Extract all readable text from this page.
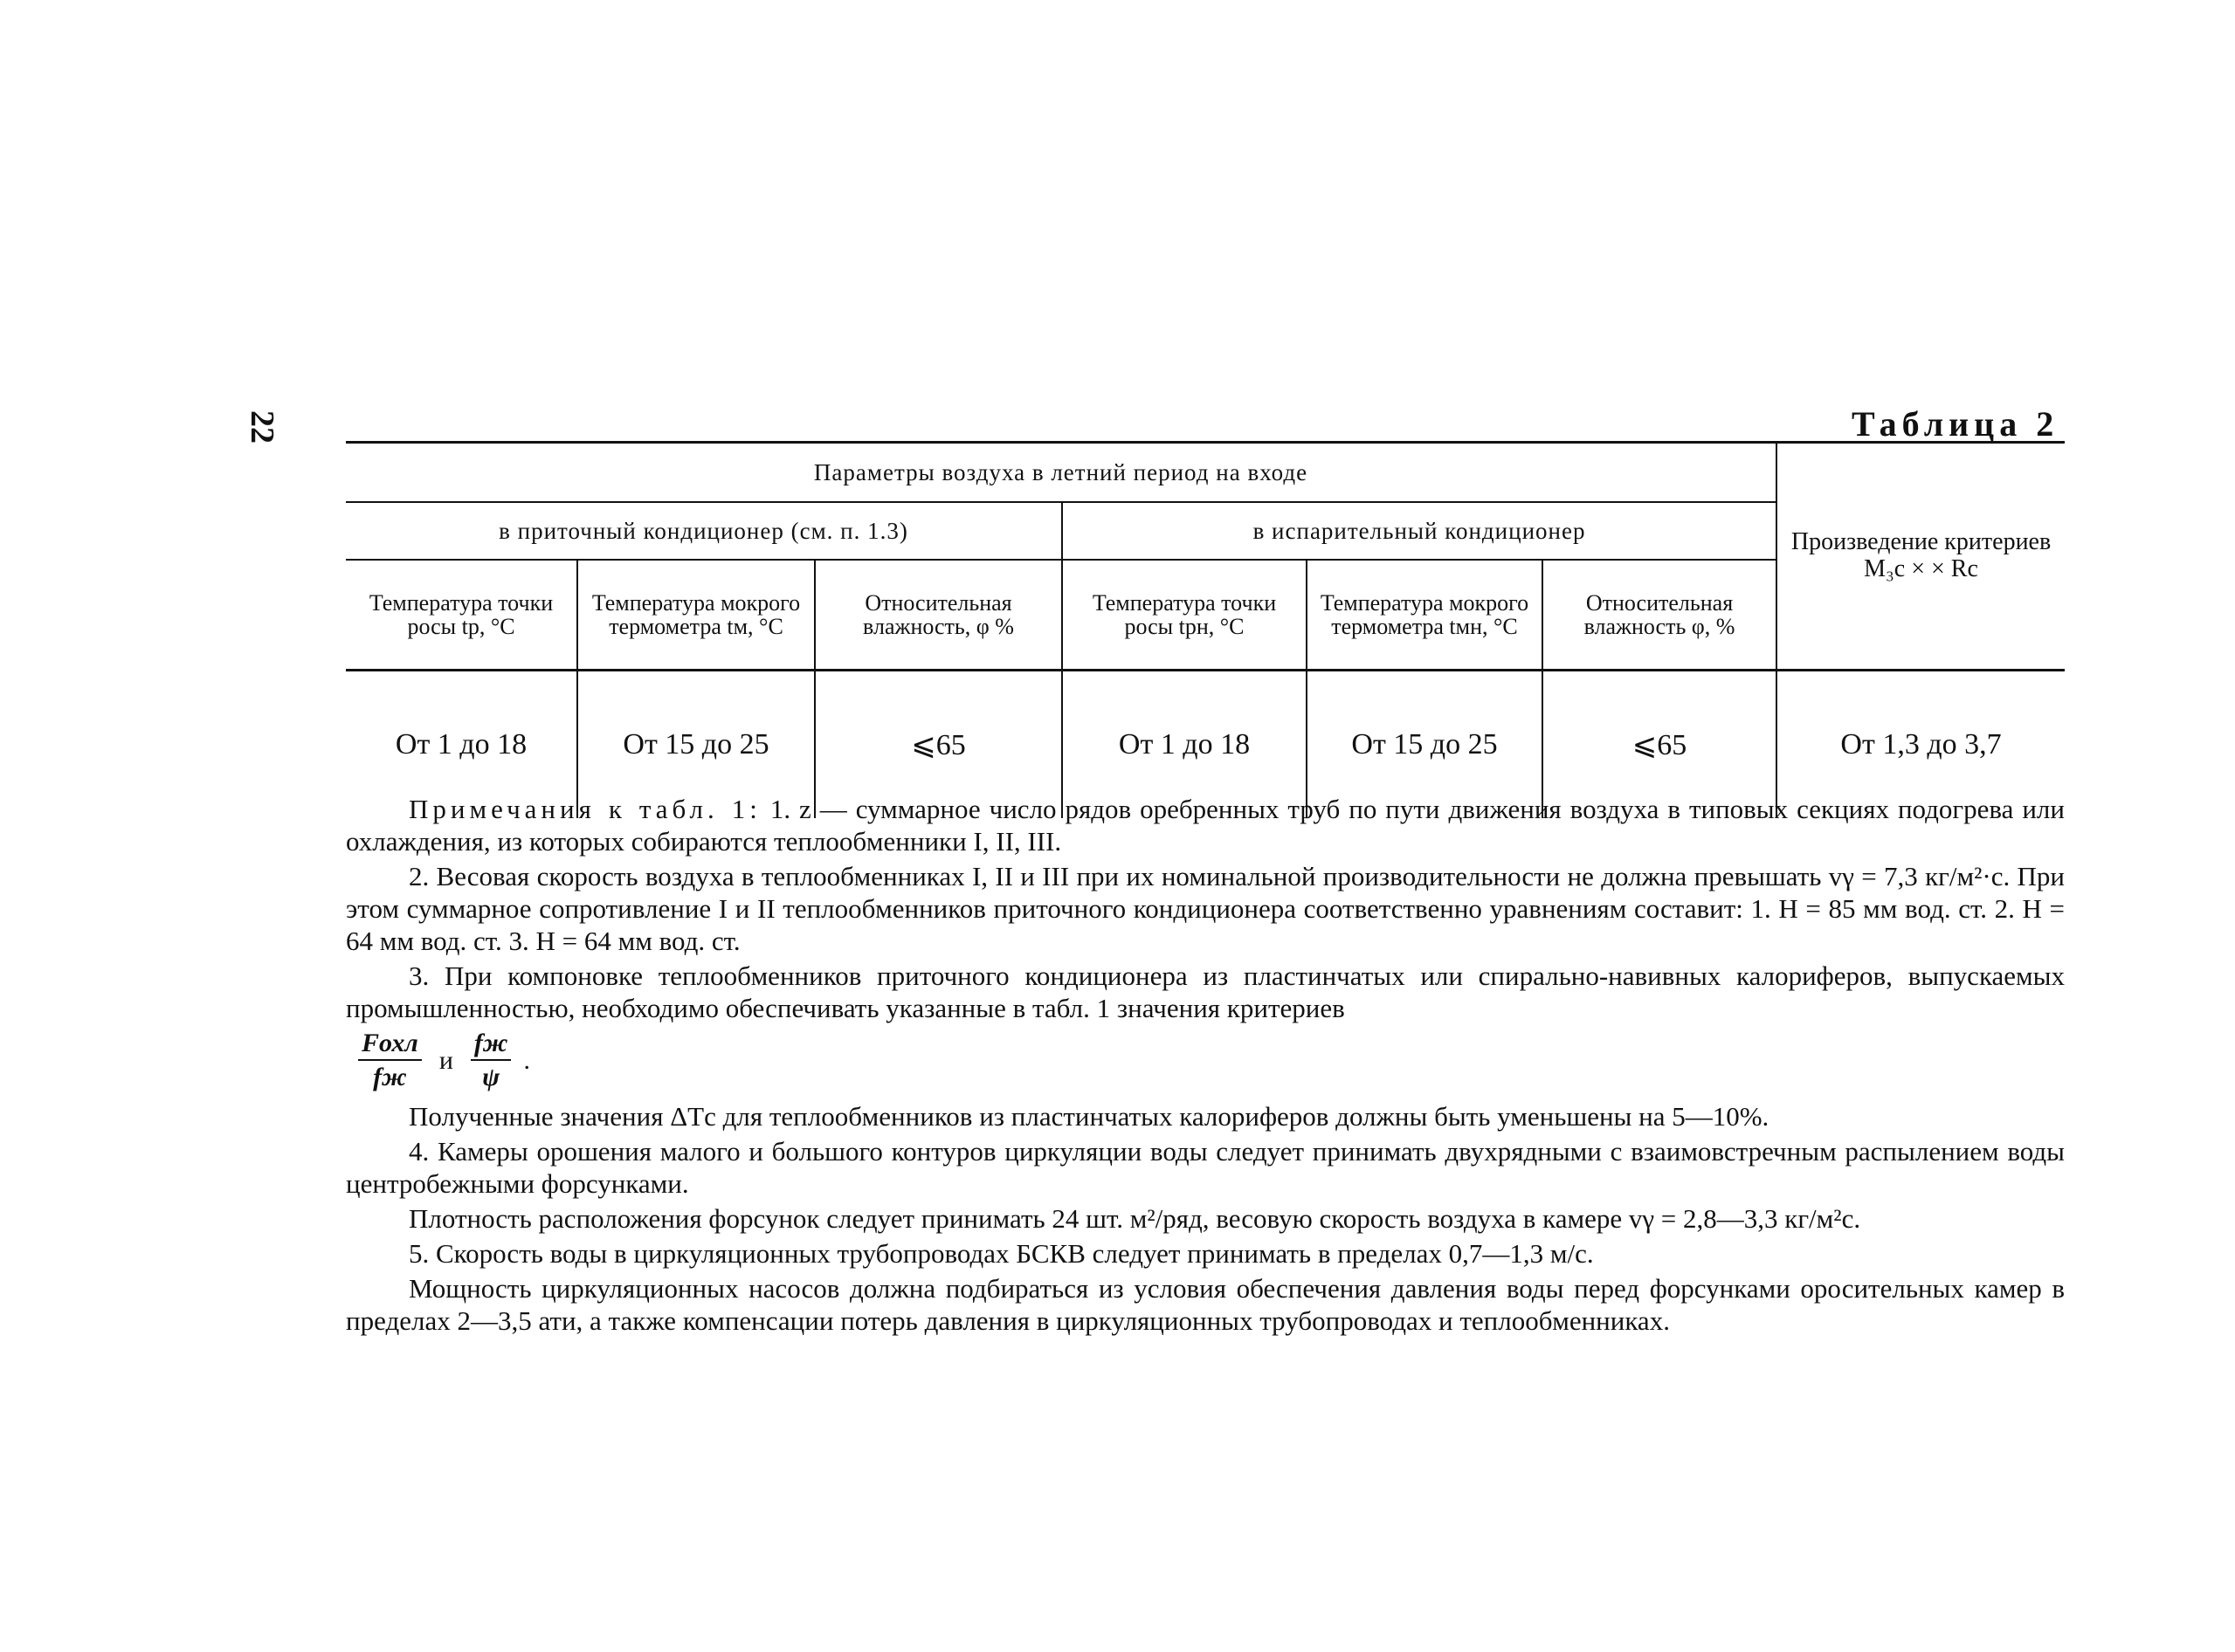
22	Таблица 2
Параметры воздуха в летний период на входе						Произведение критериев M₃с × × Rс
в приточный кондиционер (см. п. 1.3)			в испарительный кондиционер			
Температура точки росы tр, °C	Температура мокрого термометра tм, °C	Относительная влажность, φ %	Температура точки росы tрн, °C	Температура мокрого термометра tмн, °C	Относительная влажность φ, %	
От 1 до 18	От 15 до 25	⩽65	От 1 до 18	От 15 до 25	⩽65	От 1,3 до 3,7

Примечания к табл. 1: 1. z — суммарное число рядов оребренных труб по пути движения воздуха в типовых секциях подогрева или охлаждения, из которых собираются теплообменники I, II, III.

2. Весовая скорость воздуха в теплообменниках I, II и III при их номинальной производительности не должна превышать vγ = 7,3 кг/м²·с. При этом суммарное сопротивление I и II теплообменников приточного кондиционера соответственно уравнениям составит: 1. H = 85 мм вод. ст. 2. H = 64 мм вод. ст. 3. H = 64 мм вод. ст.

3. При компоновке теплообменников приточного кондиционера из пластинчатых или спирально-навивных калориферов, выпускаемых промышленностью, необходимо обеспечивать указанные в табл. 1 значения критериев

$\frac{\text{Fохл}}{fж}$ и $\frac{fж}{\psi}$ .

Полученные значения ΔTс для теплообменников из пластинчатых калориферов должны быть уменьшены на 5—10%.

4. Камеры орошения малого и большого контуров циркуляции воды следует принимать двухрядными с взаимовстречным распылением воды центробежными форсунками.

Плотность расположения форсунок следует принимать 24 шт. м²/ряд, весовую скорость воздуха в камере vγ = 2,8—3,3 кг/м²с.

5. Скорость воды в циркуляционных трубопроводах БСКВ следует принимать в пределах 0,7—1,3 м/с.

Мощность циркуляционных насосов должна подбираться из условия обеспечения давления воды перед форсунками оросительных камер в пределах 2—3,5 ати, а также компенсации потерь давления в циркуляционных трубопроводах и теплообменниках.
